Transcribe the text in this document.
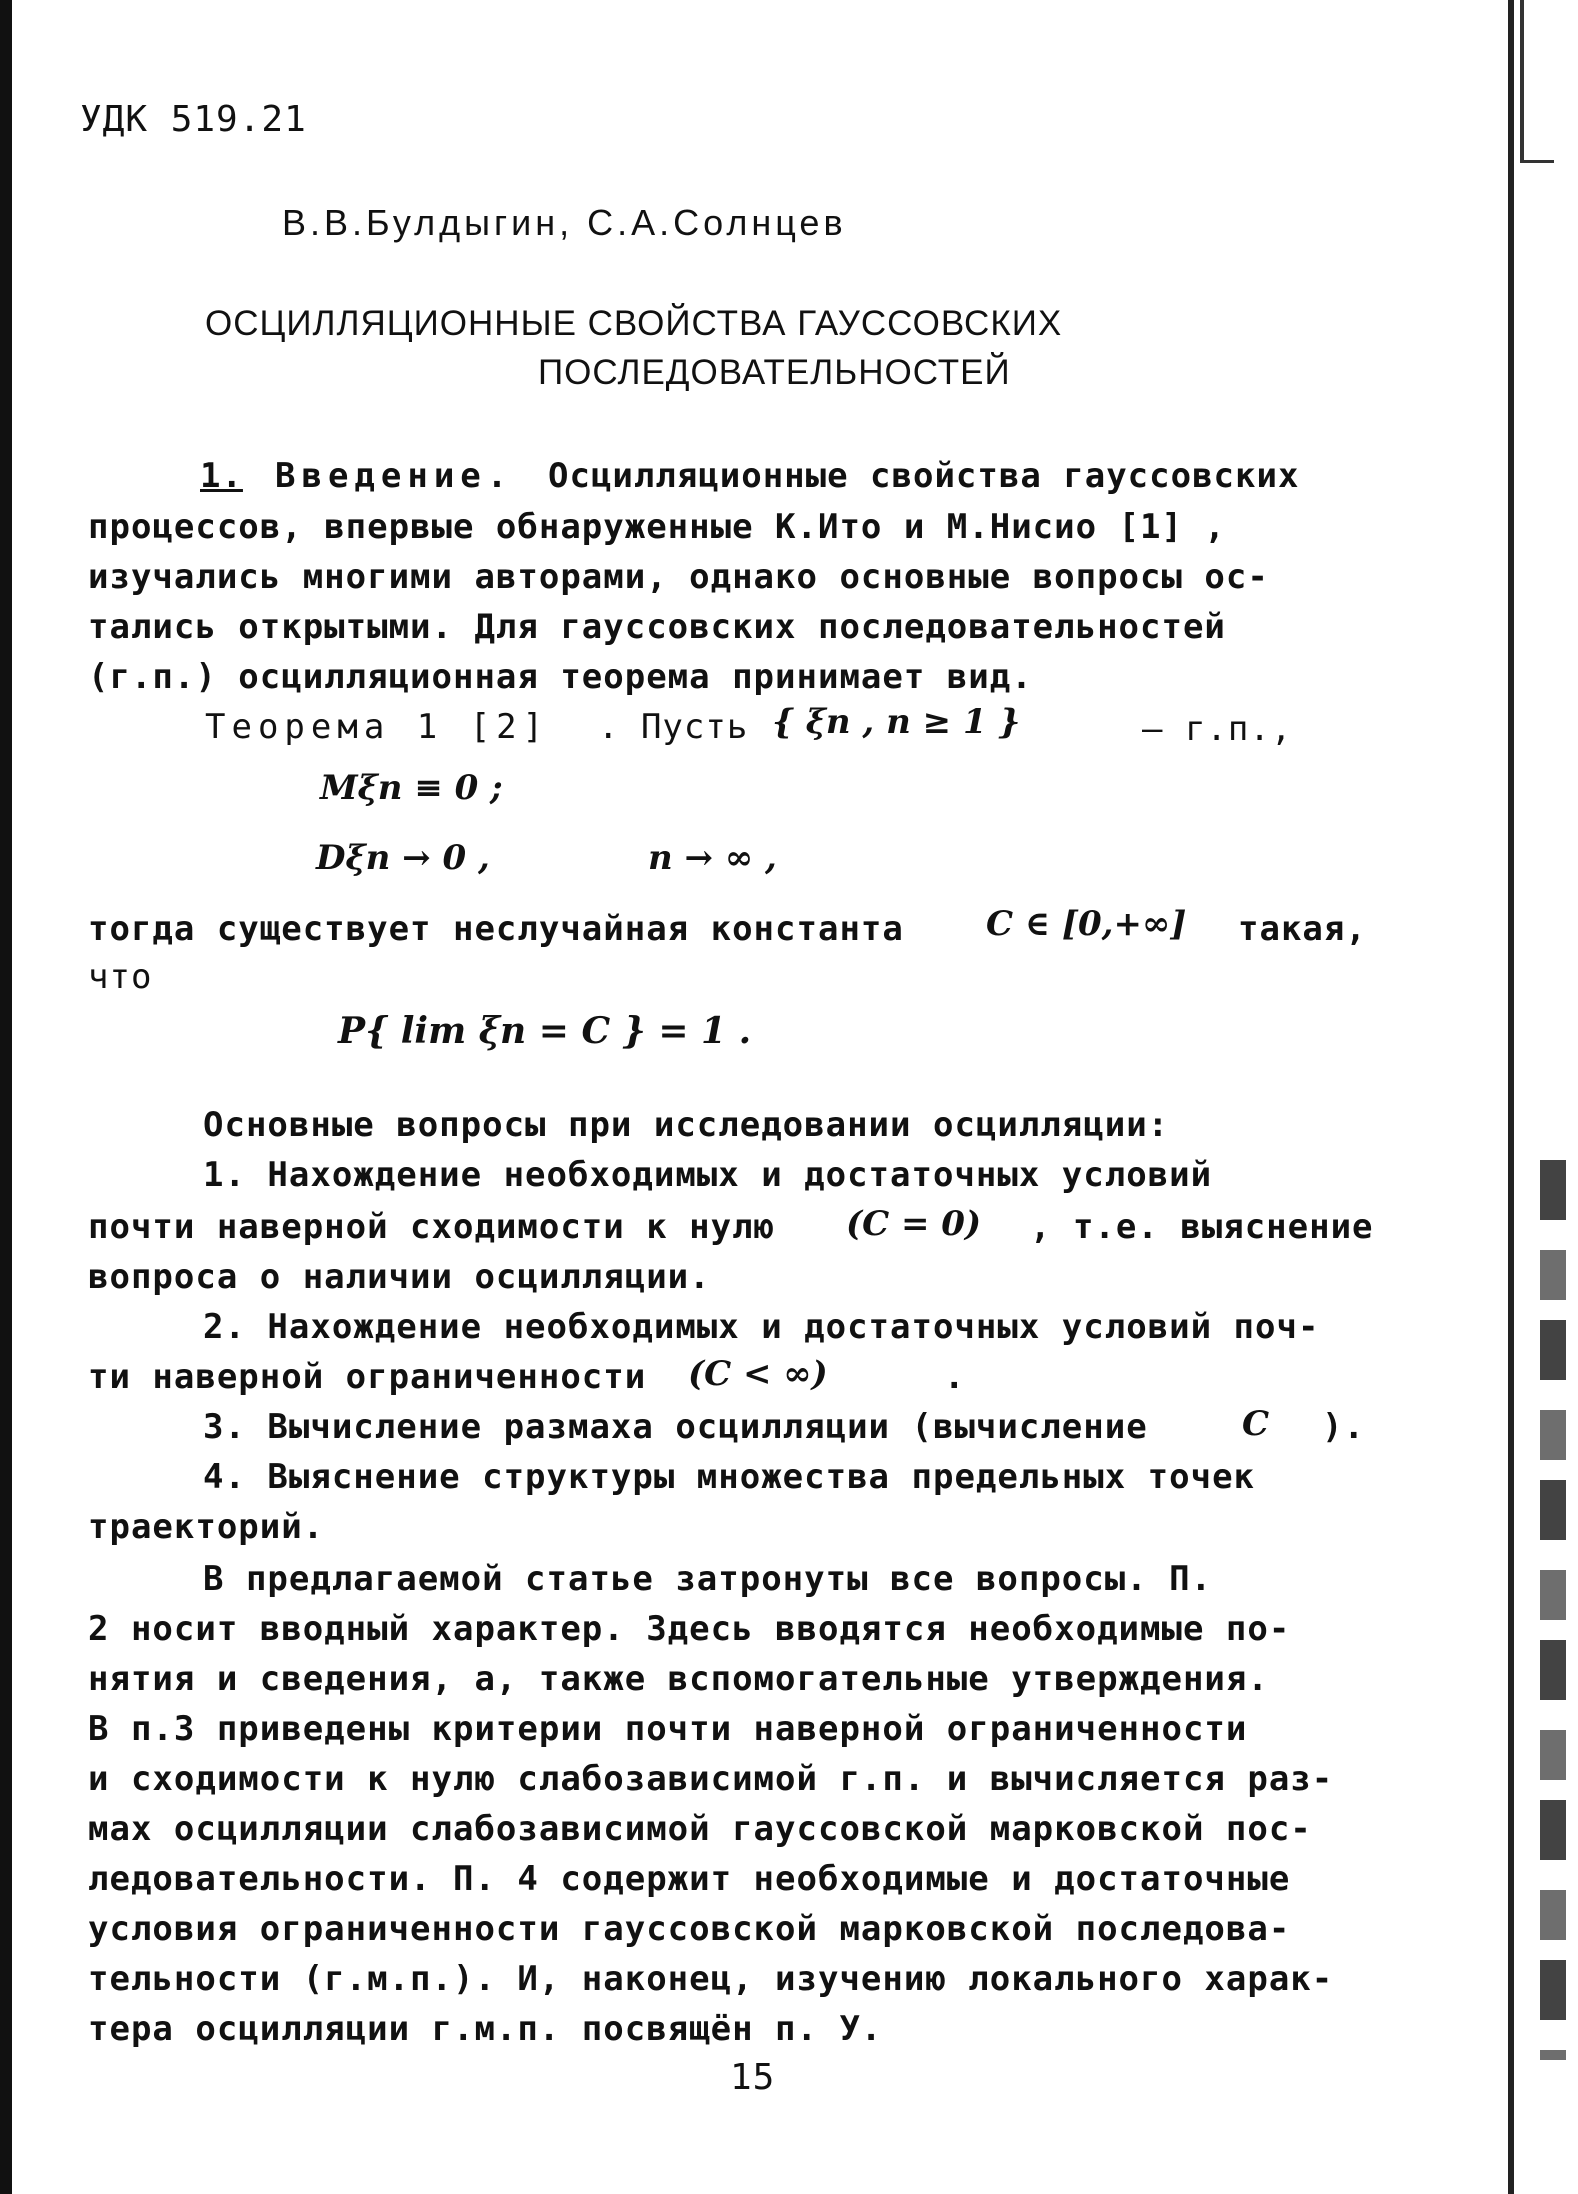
УДК 519.21
В.В.Булдыгин, С.А.Солнцев
ОСЦИЛЛЯЦИОННЫЕ СВОЙСТВА ГАУССОВСКИХ
ПОСЛЕДОВАТЕЛЬНОСТЕЙ
1. Введение. Осцилляционные свойства гауссовских
процессов, впервые обнаруженные К.Ито и М.Нисио [1] ,
изучались многими авторами, однако основные вопросы ос-
тались открытыми. Для гауссовских последовательностей
(г.п.) осцилляционная теорема принимает вид.
Теорема 1 [2] . Пусть { ξn , n ≥ 1 }	– г.п.,
Mξn ≡ 0 ;
Dξn → 0 ,	n → ∞ ,
тогда существует неслучайная константа C ∈ [0,+∞] такая,
что
P{ lim ξn = C } = 1 .
Основные вопросы при исследовании осцилляции:
1. Нахождение необходимых и достаточных условий
почти наверной сходимости к нулю (C = 0) , т.е. выяснение
вопроса о наличии осцилляции.
2. Нахождение необходимых и достаточных условий поч-
ти наверной ограниченности (C < ∞)	.
3. Вычисление размаха осцилляции (вычисление	C ).
4. Выяснение структуры множества предельных точек
траекторий.
В предлагаемой статье затронуты все вопросы. П.
2 носит вводный характер. Здесь вводятся необходимые по-
нятия и сведения, а, также вспомогательные утверждения.
В п.3 приведены критерии почти наверной ограниченности
и сходимости к нулю слабозависимой г.п. и вычисляется раз-
мах осцилляции слабозависимой гауссовской марковской пос-
ледовательности. П. 4 содержит необходимые и достаточные
условия ограниченности гауссовской марковской последова-
тельности (г.м.п.). И, наконец, изучению локального харак-
тера осцилляции г.м.п. посвящён п. У.
15
